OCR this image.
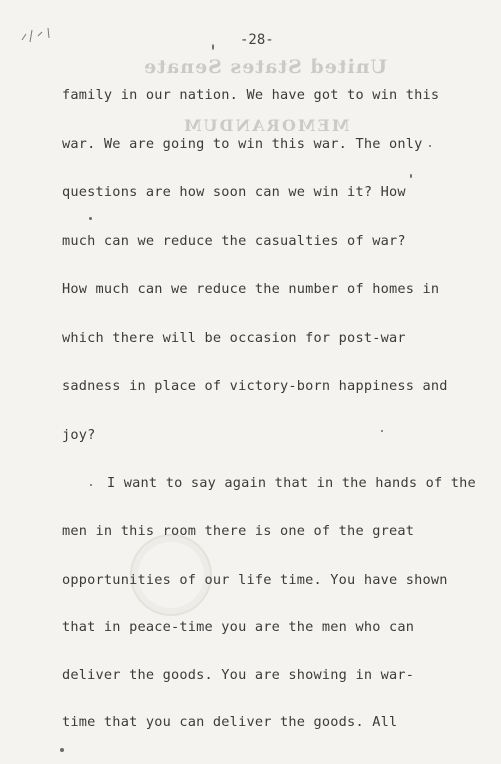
United States Senate
MEMORANDUM
-28-
family in our nation. We have got to win this
war. We are going to win this war. The only
questions are how soon can we win it? How
much can we reduce the casualties of war?
How much can we reduce the number of homes in
which there will be occasion for post-war
sadness in place of victory-born happiness and
joy?
I want to say again that in the hands of the
men in this room there is one of the great
opportunities of our life time. You have shown
that in peace-time you are the men who can
deliver the goods. You are showing in war-
time that you can deliver the goods. All
